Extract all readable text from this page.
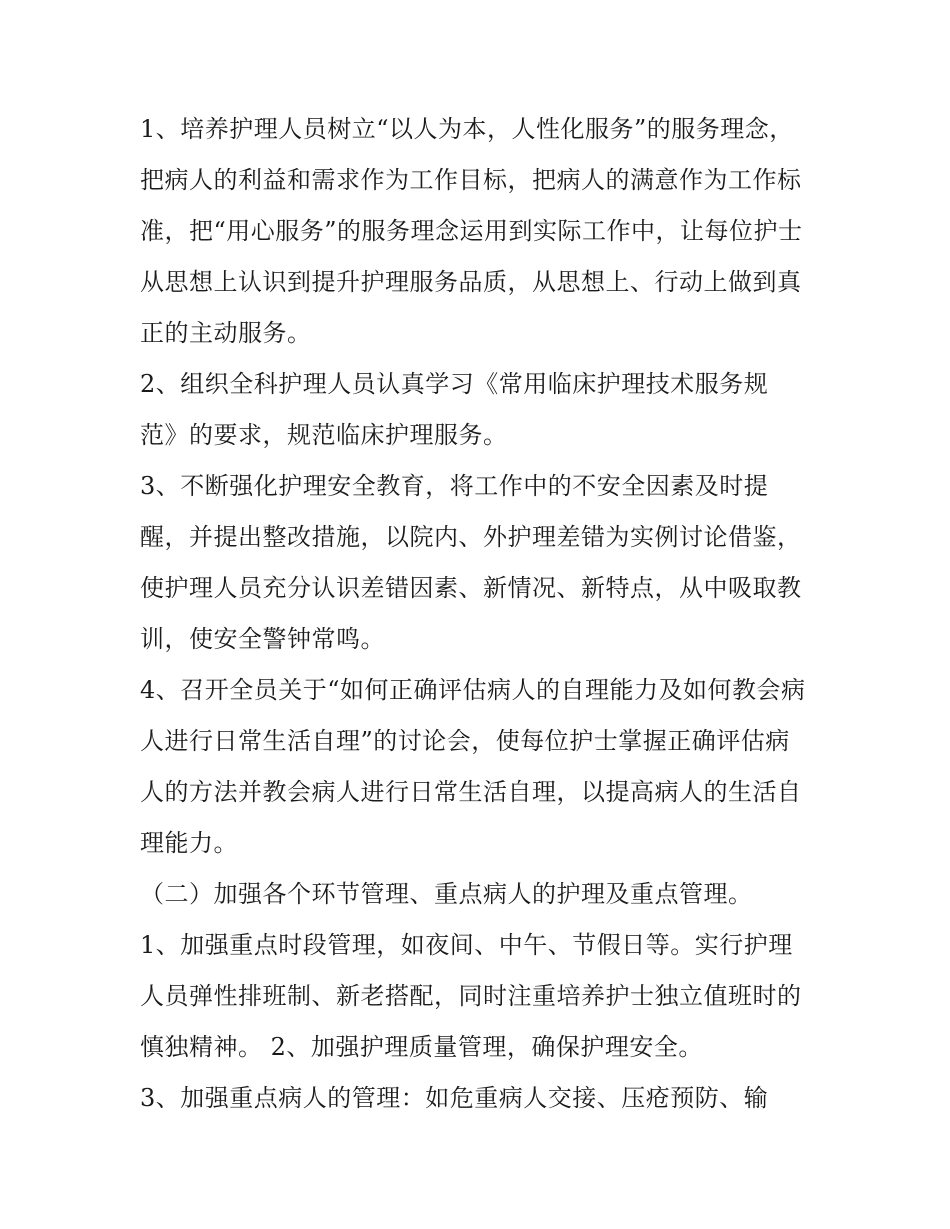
1、培养护理人员树立“以人为本，人性化服务”的服务理念，
把病人的利益和需求作为工作目标，把病人的满意作为工作标
准，把“用心服务”的服务理念运用到实际工作中，让每位护士
从思想上认识到提升护理服务品质，从思想上、行动上做到真
正的主动服务。
2、组织全科护理人员认真学习《常用临床护理技术服务规
范》的要求，规范临床护理服务。
3、不断强化护理安全教育，将工作中的不安全因素及时提
醒，并提出整改措施，以院内、外护理差错为实例讨论借鉴，
使护理人员充分认识差错因素、新情况、新特点，从中吸取教
训，使安全警钟常鸣。
4、召开全员关于“如何正确评估病人的自理能力及如何教会病
人进行日常生活自理”的讨论会，使每位护士掌握正确评估病
人的方法并教会病人进行日常生活自理，以提高病人的生活自
理能力。
（二）加强各个环节管理、重点病人的护理及重点管理。
1、加强重点时段管理，如夜间、中午、节假日等。实行护理
人员弹性排班制、新老搭配，同时注重培养护士独立值班时的
慎独精神。 2、加强护理质量管理，确保护理安全。
3、加强重点病人的管理：如危重病人交接、压疮预防、输
